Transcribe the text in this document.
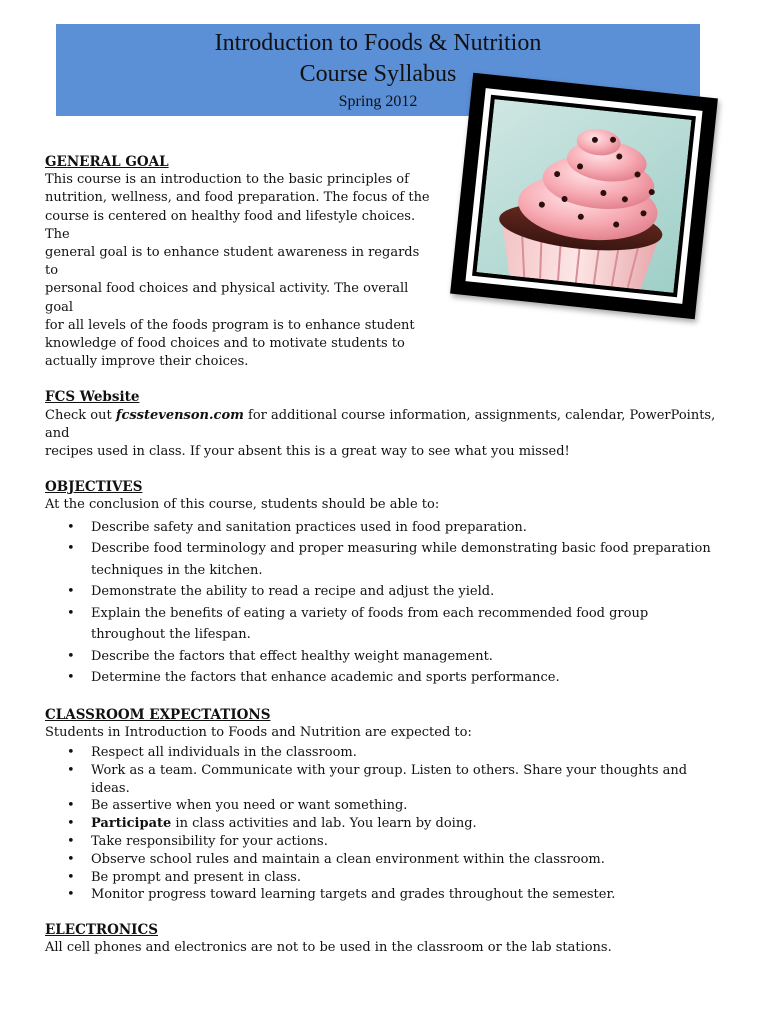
Introduction to Foods & Nutrition
Course Syllabus
Spring 2012

GENERAL GOAL

This course is an introduction to the basic principles of
nutrition, wellness, and food preparation. The focus of the
course is centered on healthy food and lifestyle choices. The
general goal is to enhance student awareness in regards to
personal food choices and physical activity. The overall goal
for all levels of the foods program is to enhance student
knowledge of food choices and to motivate students to
actually improve their choices.

FCS Website

Check out fcsstevenson.com for additional course information, assignments, calendar, PowerPoints, and

recipes used in class. If your absent this is a great way to see what you missed!

OBJECTIVES

At the conclusion of this course, students should be able to:

• Describe safety and sanitation practices used in food preparation.
• Describe food terminology and proper measuring while demonstrating basic food preparation techniques in the kitchen.
• Demonstrate the ability to read a recipe and adjust the yield.
• Explain the benefits of eating a variety of foods from each recommended food group throughout the lifespan.
• Describe the factors that effect healthy weight management.
• Determine the factors that enhance academic and sports performance.

CLASSROOM EXPECTATIONS

Students in Introduction to Foods and Nutrition are expected to:

• Respect all individuals in the classroom.
• Work as a team. Communicate with your group. Listen to others. Share your thoughts and ideas.
• Be assertive when you need or want something.
• Participate in class activities and lab. You learn by doing.
• Take responsibility for your actions.
• Observe school rules and maintain a clean environment within the classroom.
• Be prompt and present in class.
• Monitor progress toward learning targets and grades throughout the semester.

ELECTRONICS

All cell phones and electronics are not to be used in the classroom or the lab stations.
